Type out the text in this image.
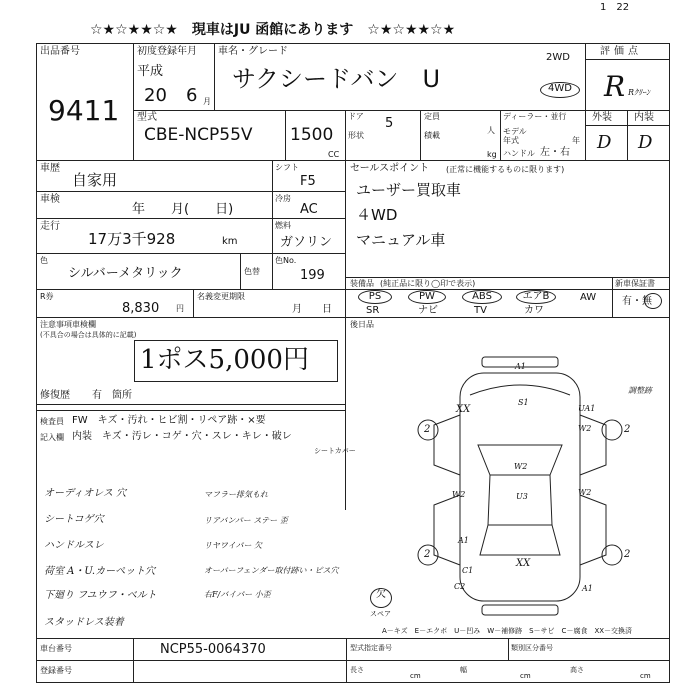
☆★☆★★☆★　現車はJU 函館にあります　☆★☆★★☆★
1　22
出品番号
9411
初度登録年月
平成
20 6 月
車名・グレード
サクシードバン　U
2WD
4WD
評価点
R Rｸﾘｰﾝ
外装 内装
D D
型式
CBE-NCP55V 1500
CC
ドア 5
形状
定員
人
積載
kg
ディーラー・並行
モデル年式	年
ハンドル 左・右
車歴
自家用
車検
年　　月(　　日)
走行
17万3千928	km
シフト
F5
冷房
AC
燃料
ガソリン
セールスポイント (正常に機能するものに限ります)
ユーザー買取車
４WD
マニュアル車
色
シルバーメタリック	色替
色No.
199
装備品 (純正品に限り◯印で表示)
PS	PW	ABS	エアB	AW
SR	ナビ	TV	カワ
新車保証書
有・無
後日品
R券
8,830 円
名義変更期限
月　　日
注意事項車検欄
(不具合の場合は具体的に記載)
1ポス5,000円
修復歴 有　箇所
検査員
記入欄
FW　キズ・汚れ・ヒビ割・リペア跡・×要
内装　キズ・汚レ・コゲ・穴・スレ・キレ・破レ
シートカバー
オーディオレス 穴
シートコゲ穴
ハンドルスレ
荷室 A・U.カーペット穴
下廻り フユウフ・ベルト
スタッドレス装着
マフラー排気もれ
リアバンパー ステー 歪
リヤワイパー 欠
オーバーフェンダー取付跡い・ピス穴
右F/バイパー 小歪
A1
S1
XX	UA1
W2
W2
W2	U3	W2
A1
XX
C1
C2	A1
2	2
2	2
欠
スペア
調整跡
A－キズ　E－エクボ　U－凹み　W－補修跡　S－サビ　C－腐食　XX－交換済
車台番号	NCP55-0064370
登録番号
型式指定番号	類別区分番号
長さ
cm
幅
cm
高さ
cm
